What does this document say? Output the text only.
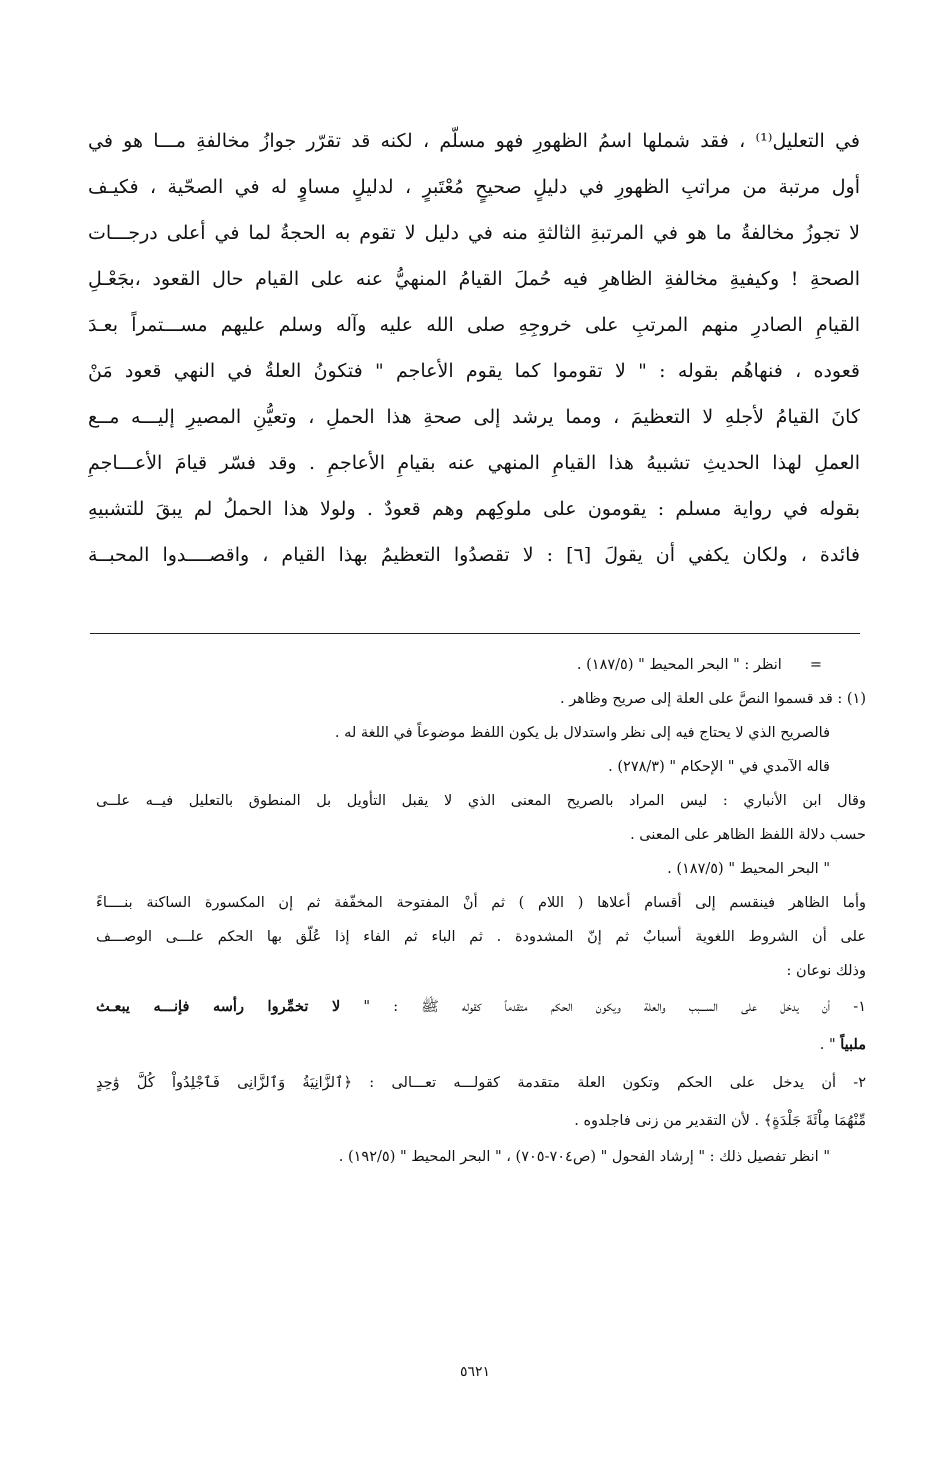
في التعليل⁽¹⁾ ، فقد شملها اسمُ الظهورِ فهو مسلّم ، لكنه قد تقرّر جوازُ مخالفةِ مـــا هو في
أول مرتبة من مراتبِ الظهورِ في دليلٍ صحيحٍ مُعْتَبرٍ ، لدليلٍ مساوٍ له في الصحّية ، فكيـف
لا تجوزُ مخالفةُ ما هو في المرتبةِ الثالثةِ منه في دليل لا تقوم به الحجةُ لما في أعلى درجـــات
الصحةِ ! وكيفيةِ مخالفةِ الظاهرِ فيه حُملَ القيامُ المنهيُّ عنه على القيام حال القعود ،بجَعْـلِ
القيامِ الصادرِ منهم المرتبِ على خروجِهِ صلى الله عليه وآله وسلم عليهم مســـتمراً بعـدَ
قعوده ، فنهاهُم بقوله : " لا تقوموا كما يقوم الأعاجم " فتكونُ العلةُ في النهي قعود مَنْ
كانَ القيامُ لأجلهِ لا التعظيمَ ، ومما يرشد إلى صحةِ هذا الحملِ ، وتعيُّنِ المصيرِ إليـــه مــع
العملِ لهذا الحديثِ تشبيهُ هذا القيامِ المنهي عنه بقيامِ الأعاجمِ . وقد فسّر قيامَ الأعـــاجمِ
بقوله في رواية مسلم : يقومون على ملوكِهم وهم قعودٌ . ولولا هذا الحملُ لم يبقَ للتشبيهِ
فائدة ، ولكان يكفي أن يقولَ [٦] : لا تقصدُوا التعظيمُ بهذا القيام ، واقصــــدوا المحبــة
=انظر : " البحر المحيط " (١٨٧/٥) .
(١) : قد قسموا النصَّ على العلة إلى صريح وظاهر .
فالصريح الذي لا يحتاج فيه إلى نظر واستدلال بل يكون اللفظ موضوعاً في اللغة له .
قاله الآمدي في " الإحكام " (٢٧٨/٣) .
وقال ابن الأنباري : ليس المراد بالصريح المعنى الذي لا يقبل التأويل بل المنطوق بالتعليل فيــه علــى
حسب دلالة اللفظ الظاهر على المعنى .
" البحر المحيط " (١٨٧/٥) .
وأما الظاهر فينقسم إلى أقسام أعلاها ( اللام ) ثم أنْ المفتوحة المخفّفة ثم إن المكسورة الساكنة بنــــاءً
على أن الشروط اللغوية أسبابٌ ثم إنّ المشدودة . ثم الباء ثم الفاء إذا عُلّق بها الحكم علـــى الوصـــف
وذلك نوعان :
١- أن يدخل على الســـبب والعلة ويكون الحكم متقدماً كقوله ﷺ : " لا تخمِّروا رأسه فإنـــه يبعـث
ملبياً " .
٢- أن يدخل على الحكم وتكون العلة متقدمة كقولـــه تعـــالى : ﴿ٱلزَّانِيَةُ وَٱلزَّانِى فَٱجْلِدُواْ كُلَّ وَٰحِدٍ
مِّنْهُمَا مِاْئَةَ جَلْدَةٍ﴾ . لأن التقدير من زنى فاجلدوه .
" انظر تفصيل ذلك : " إرشاد الفحول " (ص٧٠٤-٧٠٥) ، " البحر المحيط " (١٩٢/٥) .
٥٦٢١
